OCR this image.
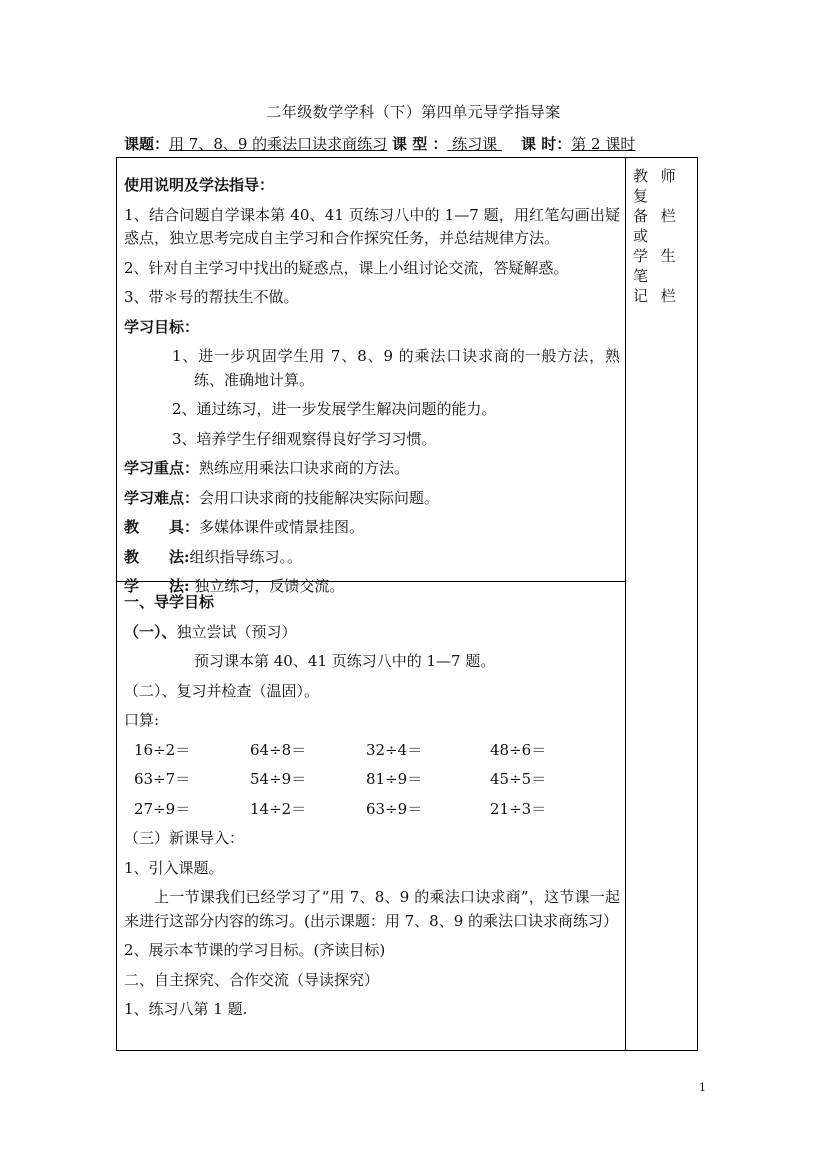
二年级数学学科（下）第四单元导学指导案
课题：用 7、8、9 的乘法口诀求商练习 课 型 ： 练习课     课 时：第 2 课时
教 师 复
备 栏 或
学 生 笔
记 栏
使用说明及学法指导：
1、结合问题自学课本第 40、41 页练习八中的 1—7 题，用红笔勾画出疑惑点，独立思考完成自主学习和合作探究任务，并总结规律方法。
2、针对自主学习中找出的疑惑点，课上小组讨论交流，答疑解惑。
3、带＊号的帮扶生不做。
学习目标：
1、进一步巩固学生用 7、8、9 的乘法口诀求商的一般方法，熟练、准确地计算。
2、通过练习，进一步发展学生解决问题的能力。
3、培养学生仔细观察得良好学习习惯。
学习重点：熟练应用乘法口诀求商的方法。
学习难点：会用口诀求商的技能解决实际问题。
教　　具：多媒体课件或情景挂图。
教　　法:组织指导练习。。
学　　法: 独立练习，反馈交流。
一、导学目标
（一）、独立尝试（预习）
预习课本第 40、41 页练习八中的 1—7 题。
（二）、复习并检查（温固）。
口算:
16÷2＝	64÷8＝	32÷4＝	48÷6＝
63÷7＝	54÷9＝	81÷9＝	45÷5＝
27÷9＝	14÷2＝	63÷9＝	21÷3＝
（三）新课导入：
1、引入课题。
上一节课我们已经学习了“用 7、8、9 的乘法口诀求商”，这节课一起来进行这部分内容的练习。(出示课题：用 7、8、9 的乘法口诀求商练习）
2、展示本节课的学习目标。(齐读目标)
二、自主探究、合作交流（导读探究）
1、练习八第 1 题.
1
